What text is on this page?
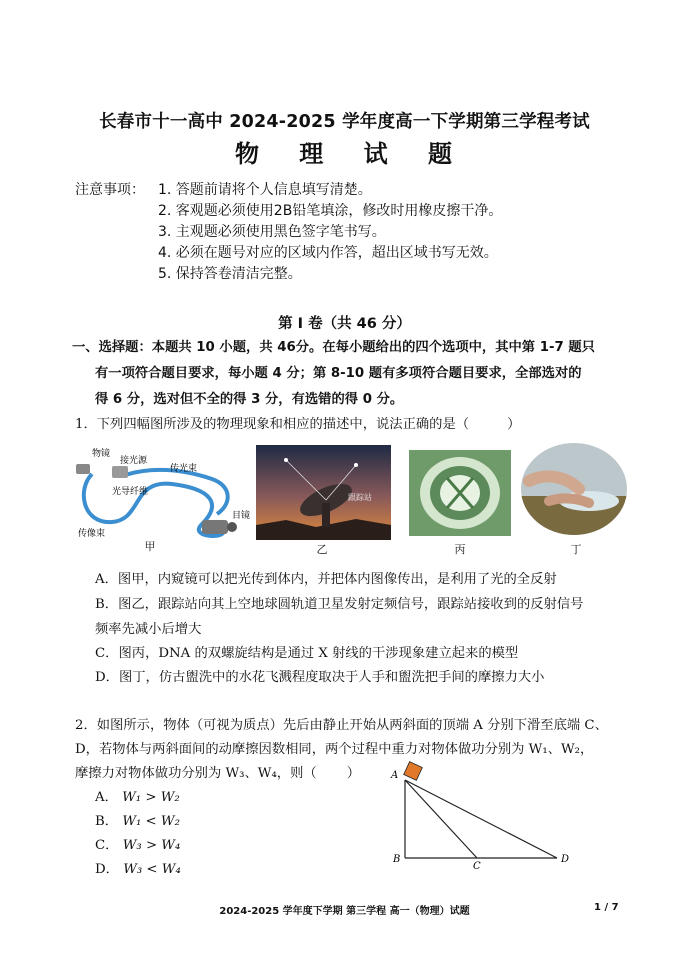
长春市十一高中 2024-2025 学年度高一下学期第三学程考试
物 理 试 题
注意事项： 1. 答题前请将个人信息填写清楚。
2. 客观题必须使用2B铅笔填涂，修改时用橡皮擦干净。
3. 主观题必须使用黑色签字笔书写。
4. 必须在题号对应的区域内作答，超出区域书写无效。
5. 保持答卷清洁完整。
第 Ⅰ 卷（共 46 分）
一、选择题：本题共 10 小题，共 46分。在每小题给出的四个选项中，其中第 1-7 题只
有一项符合题目要求，每小题 4 分；第 8-10 题有多项符合题目要求，全部选对的
得 6 分，选对但不全的得 3 分，有选错的得 0 分。
1．下列四幅图所涉及的物理现象和相应的描述中，说法正确的是（	）
物镜
接光源
传光束
光导纤维
传像束
目镜
甲
跟踪站
乙	丙	丁
A．图甲，内窥镜可以把光传到体内，并把体内图像传出，是利用了光的全反射
B．图乙，跟踪站向其上空地球圆轨道卫星发射定频信号，跟踪站接收到的反射信号
频率先减小后增大
C．图丙，DNA 的双螺旋结构是通过 X 射线的干涉现象建立起来的模型
D．图丁，仿古盥洗中的水花飞溅程度取决于人手和盥洗把手间的摩擦力大小
2．如图所示，物体（可视为质点）先后由静止开始从两斜面的顶端 A 分别下滑至底端 C、
D，若物体与两斜面间的动摩擦因数相同，两个过程中重力对物体做功分别为 W₁、W₂，
摩擦力对物体做功分别为 W₃、W₄，则（ ）
A． W₁ > W₂
B． W₁ < W₂
C． W₃ > W₄
D． W₃ < W₄
A
B
C
D
2024-2025 学年度下学期 第三学程 高一（物理）试题	1 / 7
